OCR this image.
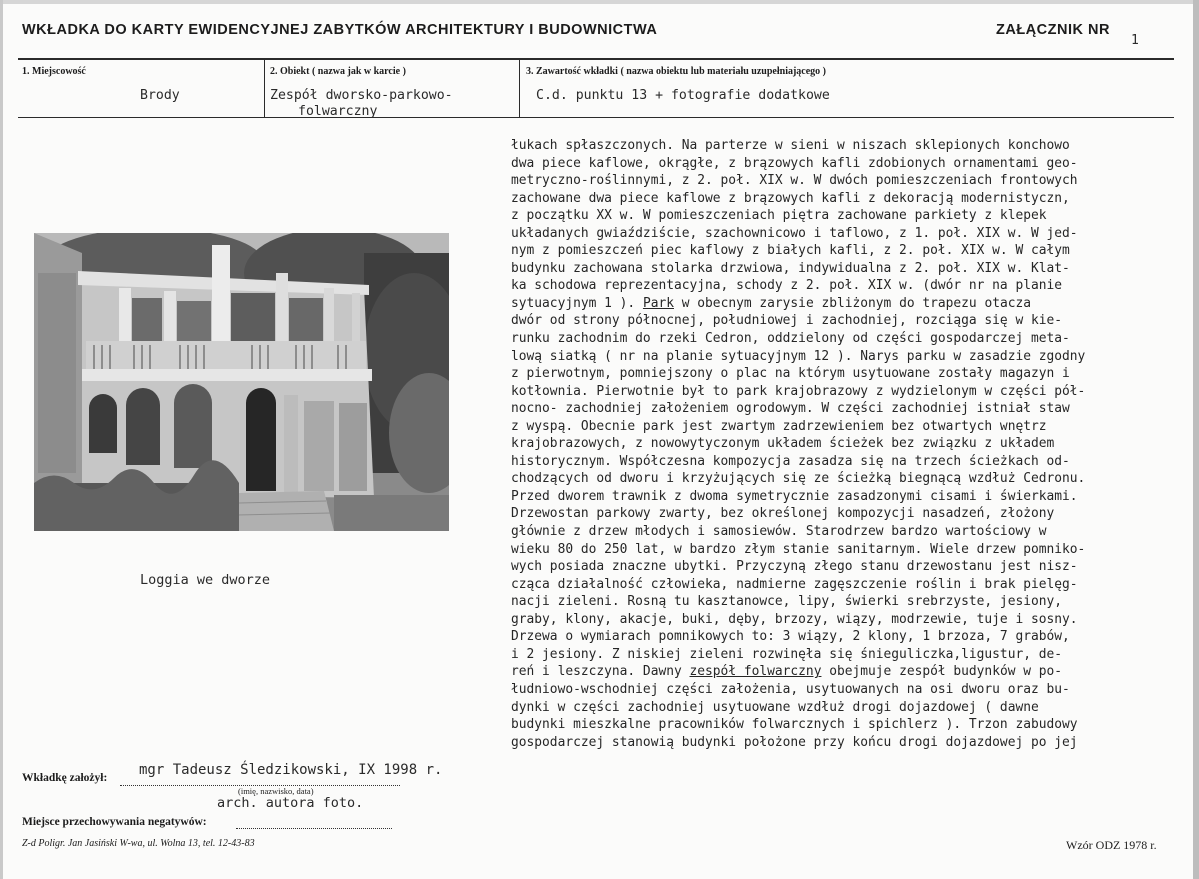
WKŁADKA DO KARTY EWIDENCYJNEJ ZABYTKÓW ARCHITEKTURY I BUDOWNICTWA	ZAŁĄCZNIK NR
1
1. Miejscowość
Brody
2. Obiekt ( nazwa jak w karcie )
Zespół dworsko-parkowo-
folwarczny
3. Zawartość wkładki ( nazwa obiektu lub materiału uzupełniającego )
C.d. punktu 13 + fotografie dodatkowe
Loggia we dworze
łukach spłaszczonych. Na parterze w sieni w niszach sklepionych konchowo
dwa piece kaflowe, okrągłe, z brązowych kafli zdobionych ornamentami geo-
metryczno-roślinnymi, z 2. poł. XIX w. W dwóch pomieszczeniach frontowych
zachowane dwa piece kaflowe z brązowych kafli z dekoracją modernistyczn,
z początku XX w. W pomieszczeniach piętra zachowane parkiety z klepek
układanych gwiaździście, szachownicowo i taflowo, z 1. poł. XIX w. W jed-
nym z pomieszczeń piec kaflowy z białych kafli, z 2. poł. XIX w. W całym
budynku zachowana stolarka drzwiowa, indywidualna z 2. poł. XIX w. Klat-
ka schodowa reprezentacyjna, schody z 2. poł. XIX w. (dwór nr na planie
sytuacyjnym 1 ). Park w obecnym zarysie zbliżonym do trapezu otacza
dwór od strony północnej, południowej i zachodniej, rozciąga się w kie-
runku zachodnim do rzeki Cedron, oddzielony od części gospodarczej meta-
lową siatką ( nr na planie sytuacyjnym 12 ). Narys parku w zasadzie zgodny
z pierwotnym, pomniejszony o plac na którym usytuowane zostały magazyn i
kotłownia. Pierwotnie był to park krajobrazowy z wydzielonym w części pół-
nocno- zachodniej założeniem ogrodowym. W części zachodniej istniał staw
z wyspą. Obecnie park jest zwartym zadrzewieniem bez otwartych wnętrz
krajobrazowych, z nowowytyczonym układem ścieżek bez związku z układem
historycznym. Współczesna kompozycja zasadza się na trzech ścieżkach od-
chodzących od dworu i krzyżujących się ze ścieżką biegnącą wzdłuż Cedronu.
Przed dworem trawnik z dwoma symetrycznie zasadzonymi cisami i świerkami.
Drzewostan parkowy zwarty, bez określonej kompozycji nasadzeń, złożony
głównie z drzew młodych i samosiewów. Starodrzew bardzo wartościowy w
wieku 80 do 250 lat, w bardzo złym stanie sanitarnym. Wiele drzew pomniko-
wych posiada znaczne ubytki. Przyczyną złego stanu drzewostanu jest nisz-
cząca działalność człowieka, nadmierne zagęszczenie roślin i brak pielęg-
nacji zieleni. Rosną tu kasztanowce, lipy, świerki srebrzyste, jesiony,
graby, klony, akacje, buki, dęby, brzozy, wiązy, modrzewie, tuje i sosny.
Drzewa o wymiarach pomnikowych to: 3 wiązy, 2 klony, 1 brzoza, 7 grabów,
i 2 jesiony. Z niskiej zieleni rozwinęła się śnieguliczka,ligustur, de-
reń i leszczyna. Dawny zespół folwarczny obejmuje zespół budynków w po-
łudniowo-wschodniej części założenia, usytuowanych na osi dworu oraz bu-
dynki w części zachodniej usytuowane wzdłuż drogi dojazdowej ( dawne
budynki mieszkalne pracowników folwarcznych i spichlerz ). Trzon zabudowy
gospodarczej stanowią budynki położone przy końcu drogi dojazdowej po jej
mgr Tadeusz Śledzikowski, IX 1998 r.
Wkładkę założył:
(imię, nazwisko, data)
arch. autora foto.
Miejsce przechowywania negatywów:
Z-d Poligr. Jan Jasiński W-wa, ul. Wolna 13, tel. 12-43-83	Wzór ODZ 1978 r.
